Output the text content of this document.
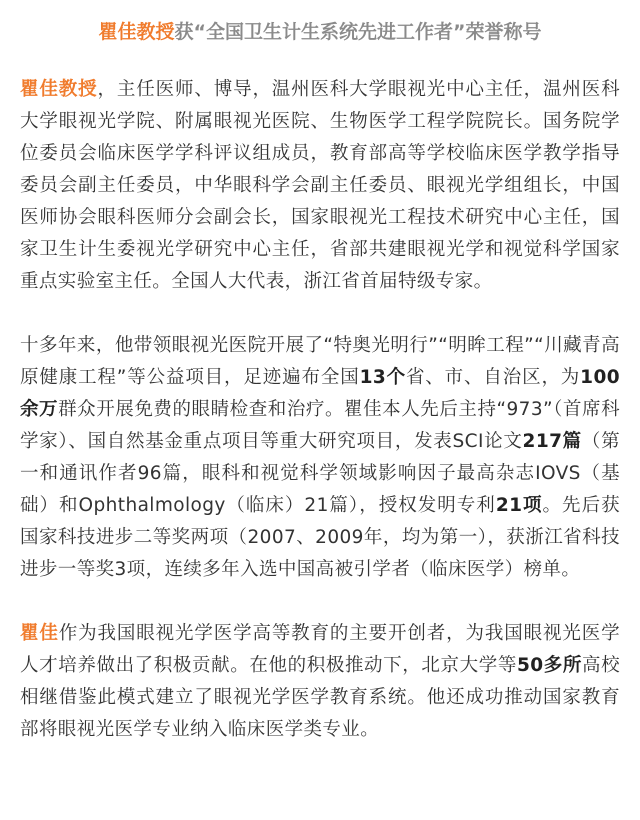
瞿佳教授获“全国卫生计生系统先进工作者”荣誉称号

瞿佳教授，主任医师、博导，温州医科大学眼视光中心主任，温州医科大学眼视光学院、附属眼视光医院、生物医学工程学院院长。国务院学位委员会临床医学学科评议组成员，教育部高等学校临床医学教学指导委员会副主任委员，中华眼科学会副主任委员、眼视光学组组长，中国医师协会眼科医师分会副会长，国家眼视光工程技术研究中心主任，国家卫生计生委视光学研究中心主任，省部共建眼视光学和视觉科学国家重点实验室主任。全国人大代表，浙江省首届特级专家。

十多年来，他带领眼视光医院开展了“特奥光明行”“明眸工程”“川藏青高原健康工程”等公益项目，足迹遍布全国13个省、市、自治区，为100余万群众开展免费的眼睛检查和治疗。瞿佳本人先后主持“973”（首席科学家）、国自然基金重点项目等重大研究项目，发表SCI论文217篇（第一和通讯作者96篇，眼科和视觉科学领域影响因子最高杂志IOVS（基础）和Ophthalmology（临床）21篇），授权发明专利21项。先后获国家科技进步二等奖两项（2007、2009年，均为第一），获浙江省科技进步一等奖3项，连续多年入选中国高被引学者（临床医学）榜单。

瞿佳作为我国眼视光学医学高等教育的主要开创者，为我国眼视光医学人才培养做出了积极贡献。在他的积极推动下，北京大学等50多所高校相继借鉴此模式建立了眼视光学医学教育系统。他还成功推动国家教育部将眼视光医学专业纳入临床医学类专业。
